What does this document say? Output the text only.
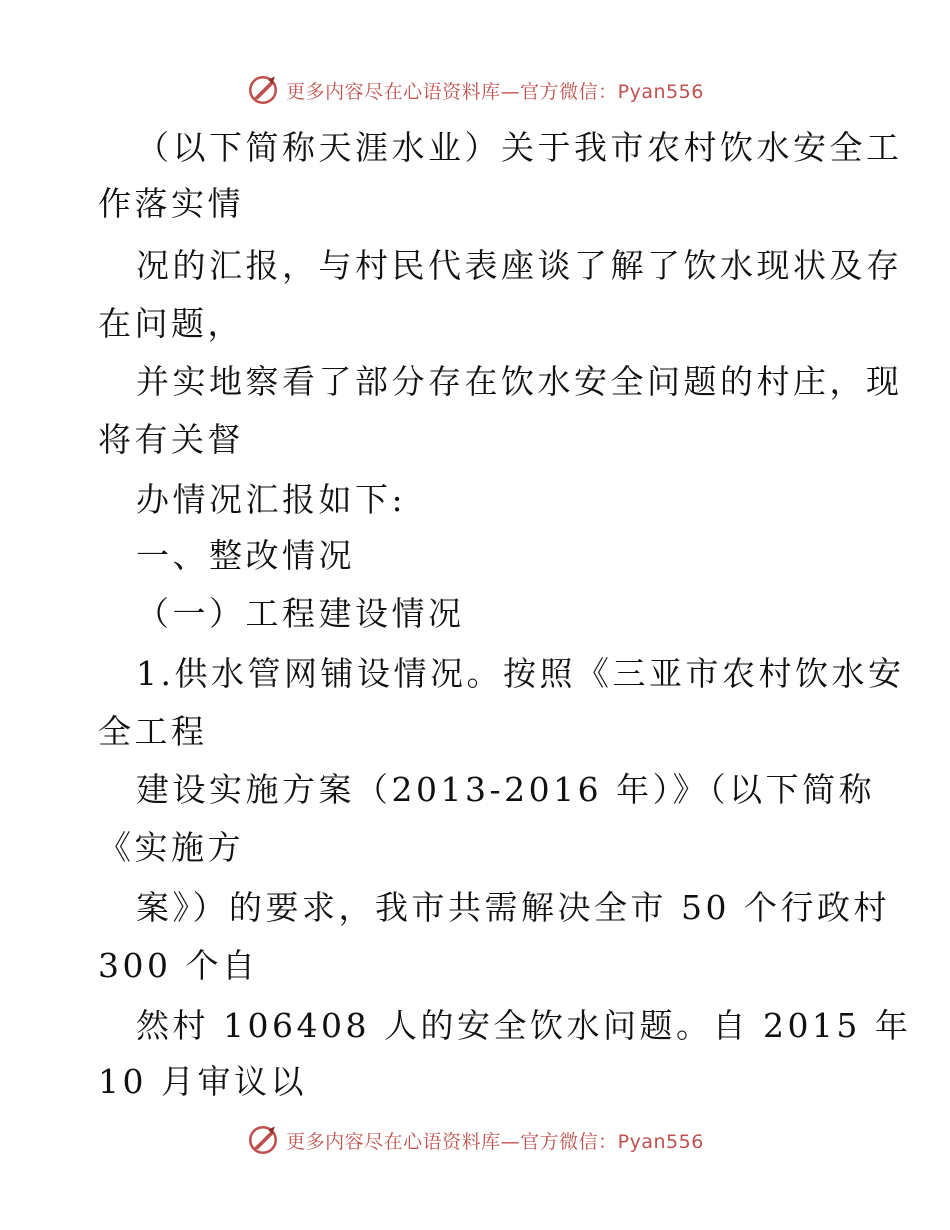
更多内容尽在心语资料库—官方微信：Pyan556
（以下简称天涯水业）关于我市农村饮水安全工
作落实情
况的汇报，与村民代表座谈了解了饮水现状及存
在问题，
并实地察看了部分存在饮水安全问题的村庄，现
将有关督
办情况汇报如下:
一、整改情况
（一）工程建设情况
1.供水管网铺设情况。按照《三亚市农村饮水安
全工程
建设实施方案（2013-2016 年）》（以下简称
《实施方
案》）的要求，我市共需解决全市 50 个行政村
300 个自
然村 106408 人的安全饮水问题。自 2015 年
10 月审议以
更多内容尽在心语资料库—官方微信：Pyan556
